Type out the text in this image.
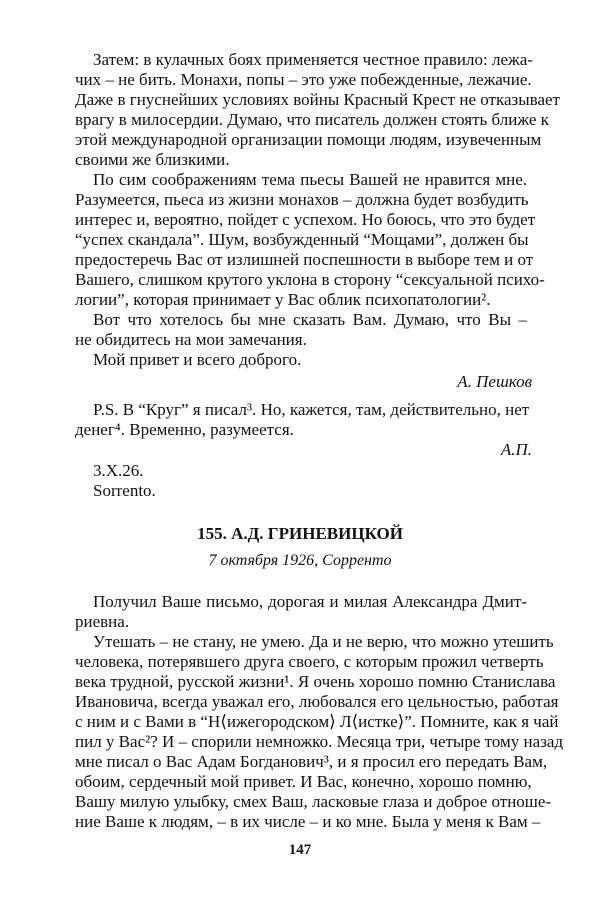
Затем: в кулачных боях применяется честное правило: лежа-
чих – не бить. Монахи, попы – это уже побежденные, лежачие.
Даже в гнуснейших условиях войны Красный Крест не отказывает
врагу в милосердии. Думаю, что писатель должен стоять ближе к
этой международной организации помощи людям, изувеченным
своими же близкими.
По сим соображениям тема пьесы Вашей не нравится мне.
Разумеется, пьеса из жизни монахов – должна будет возбудить
интерес и, вероятно, пойдет с успехом. Но боюсь, что это будет
“успех скандала”. Шум, возбужденный “Мощами”, должен бы
предостеречь Вас от излишней поспешности в выборе тем и от
Вашего, слишком крутого уклона в сторону “сексуальной психо-
логии”, которая принимает у Вас облик психопатологии².
Вот что хотелось бы мне сказать Вам. Думаю, что Вы –
не обидитесь на мои замечания.
Мой привет и всего доброго.
А. Пешков
P.S. В “Круг” я писал³. Но, кажется, там, действительно, нет
денег⁴. Временно, разумеется.
А.П.
3.X.26.
Sorrento.
155. А.Д. ГРИНЕВИЦКОЙ
7 октября 1926, Сорренто
Получил Ваше письмо, дорогая и милая Александра Дмит-
риевна.
Утешать – не стану, не умею. Да и не верю, что можно утешить
человека, потерявшего друга своего, с которым прожил четверть
века трудной, русской жизни¹. Я очень хорошо помню Станислава
Ивановича, всегда уважал его, любовался его цельностью, работая
с ним и с Вами в “Н⟨ижегородском⟩ Л⟨истке⟩”. Помните, как я чай
пил у Вас²? И – спорили немножко. Месяца три, четыре тому назад
мне писал о Вас Адам Богданович³, и я просил его передать Вам,
обоим, сердечный мой привет. И Вас, конечно, хорошо помню,
Вашу милую улыбку, смех Ваш, ласковые глаза и доброе отноше-
ние Ваше к людям, – в их числе – и ко мне. Была у меня к Вам –
147
